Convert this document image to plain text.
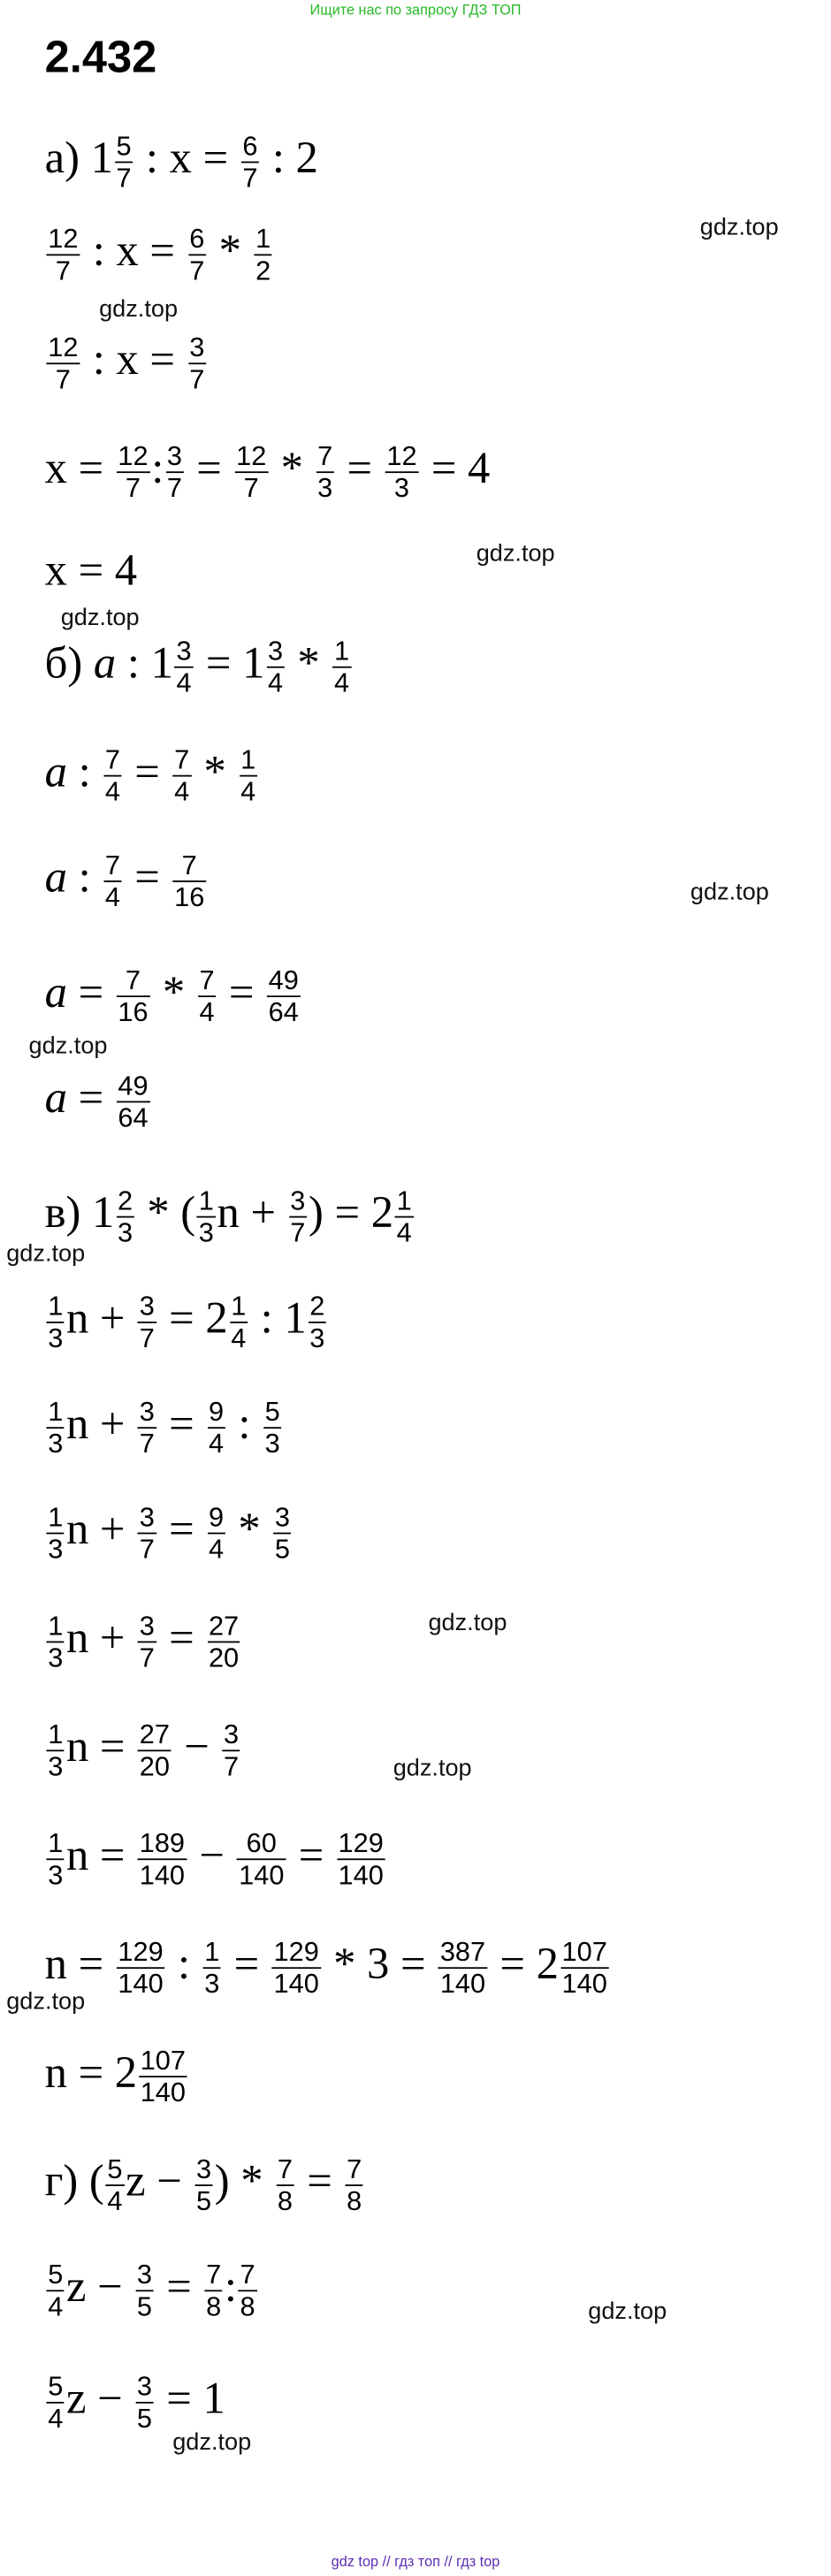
Ищите нас по запросу ГДЗ ТОП
2.432
а) $1 \frac{5}{7}$ : $x = \frac{6}{7}$ : 2
$\frac{12}{7}$ : $x = \frac{6}{7} * \frac{1}{2}$
$\frac{12}{7}$ : $x = \frac{3}{7}$
$x = \frac{12}{7}$ : $\frac{3}{7} = \frac{12}{7} * \frac{7}{3} = \frac{12}{3} = 4$
x = 4
б) a : $1 \frac{3}{4} = 1 \frac{3}{4} * \frac{1}{4}$
a : $\frac{7}{4} = \frac{7}{4} * \frac{1}{4}$
a : $\frac{7}{4} = \frac{7}{16}$
$a = \frac{7}{16} * \frac{7}{4} = \frac{49}{64}$
$a = \frac{49}{64}$
в) $1 \frac{2}{3}$ * ( $\frac{1}{3}$ $n + \frac{3}{7}$ ) = $2 \frac{1}{4}$
$\frac{1}{3}$ $n + \frac{3}{7} = 2 \frac{1}{4}$ : $1 \frac{2}{3}$
$\frac{1}{3}$ $n + \frac{3}{7} = \frac{9}{4}$ : $\frac{5}{3}$
$\frac{1}{3}$ $n + \frac{3}{7} = \frac{9}{4} * \frac{3}{5}$
$\frac{1}{3}$ $n + \frac{3}{7} = \frac{27}{20}$
$\frac{1}{3}$ $n = \frac{27}{20} - \frac{3}{7}$
$\frac{1}{3}$ $n = \frac{189}{140} - \frac{60}{140} = \frac{129}{140}$
$n = \frac{129}{140}$ : $\frac{1}{3} = \frac{129}{140} * 3 = \frac{387}{140} = 2 \frac{107}{140}$
$n = 2 \frac{107}{140}$
г) ( $\frac{5}{4}$ $z - \frac{3}{5}$ ) * $\frac{7}{8} = \frac{7}{8}$
$\frac{5}{4}$ $z - \frac{3}{5} = \frac{7}{8}$ : $\frac{7}{8}$
$\frac{5}{4}$ $z - \frac{3}{5} = 1$
gdz.top
gdz.top
gdz.top
gdz.top
gdz.top
gdz.top
gdz.top
gdz.top
gdz.top
gdz.top
gdz.top
gdz.top
gdz top // гдз топ // гдз top
